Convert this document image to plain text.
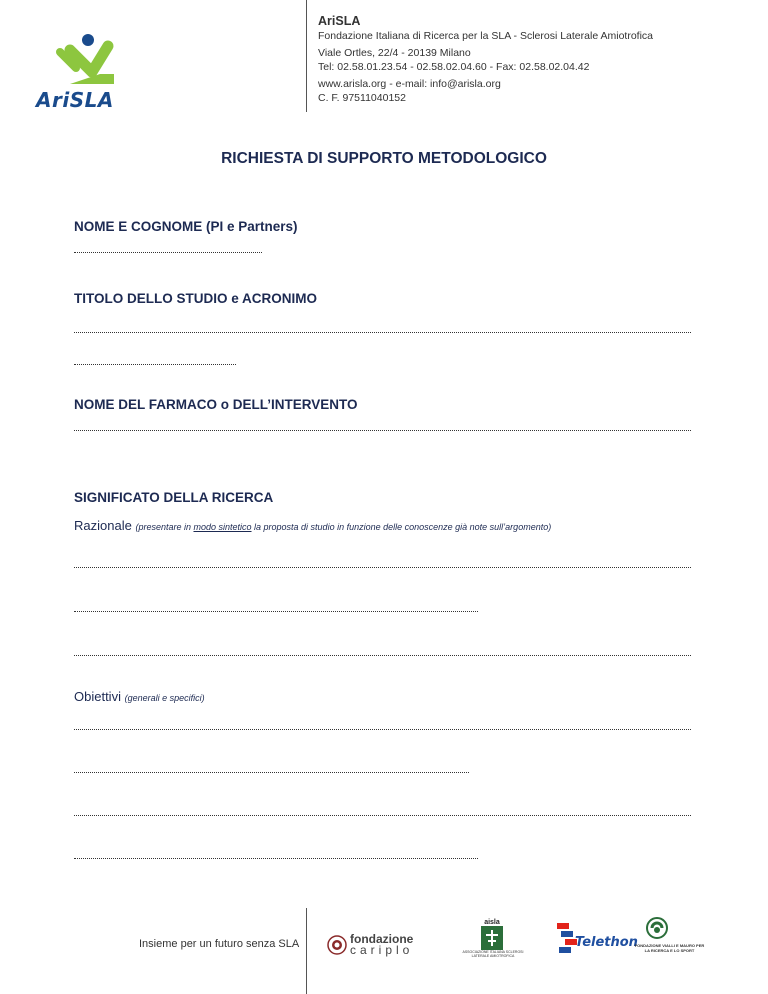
AriSLA
AriSLA
Fondazione Italiana di Ricerca per la SLA - Sclerosi Laterale Amiotrofica
Viale Ortles, 22/4 - 20139 Milano
Tel: 02.58.01.23.54 - 02.58.02.04.60 - Fax: 02.58.02.04.42
www.arisla.org - e-mail: info@arisla.org
C. F. 97511040152
RICHIESTA DI SUPPORTO METODOLOGICO
NOME E COGNOME (PI e Partners)
TITOLO DELLO STUDIO e ACRONIMO
NOME DEL FARMACO o DELL’INTERVENTO
SIGNIFICATO DELLA RICERCA
Razionale (presentare in modo sintetico la proposta di studio in funzione delle conoscenze già note sull’argomento)
Obiettivi (generali e specifici)
Insieme per un futuro senza SLA	fondazione
cariplo
aisla
ASSOCIAZIONE ITALIANA SCLEROSI LATERALE AMIOTROFICA
Telethon
FONDAZIONE VIALLI E MAURO PER LA RICERCA E LO SPORT
